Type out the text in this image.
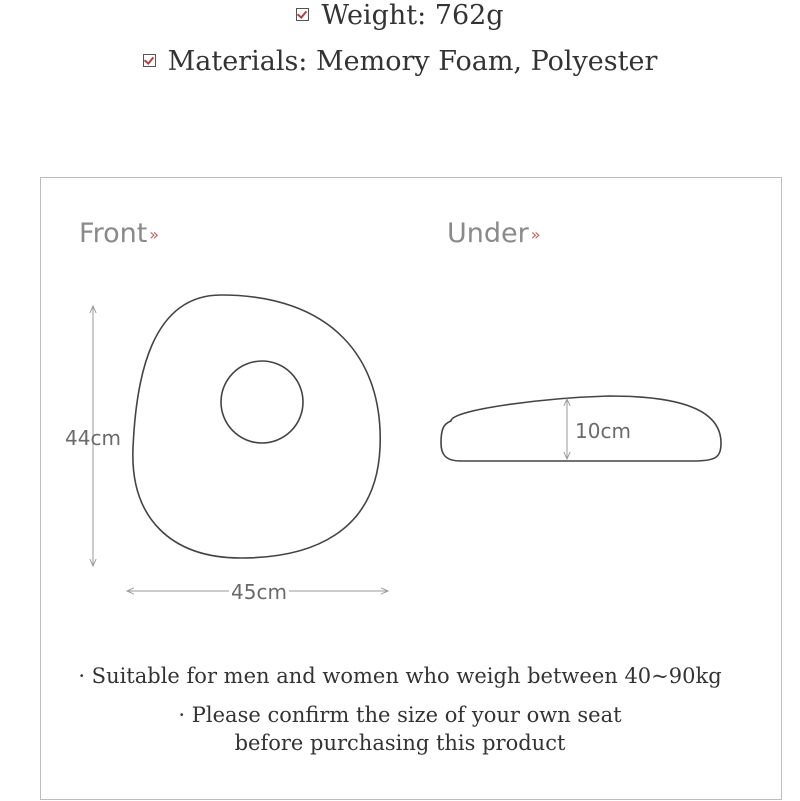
Weight: 762g
Materials: Memory Foam, Polyester
Front »	Under »
44cm
45cm
10cm
· Suitable for men and women who weigh between 40~90kg
· Please confirm the size of your own seat
before purchasing this product
